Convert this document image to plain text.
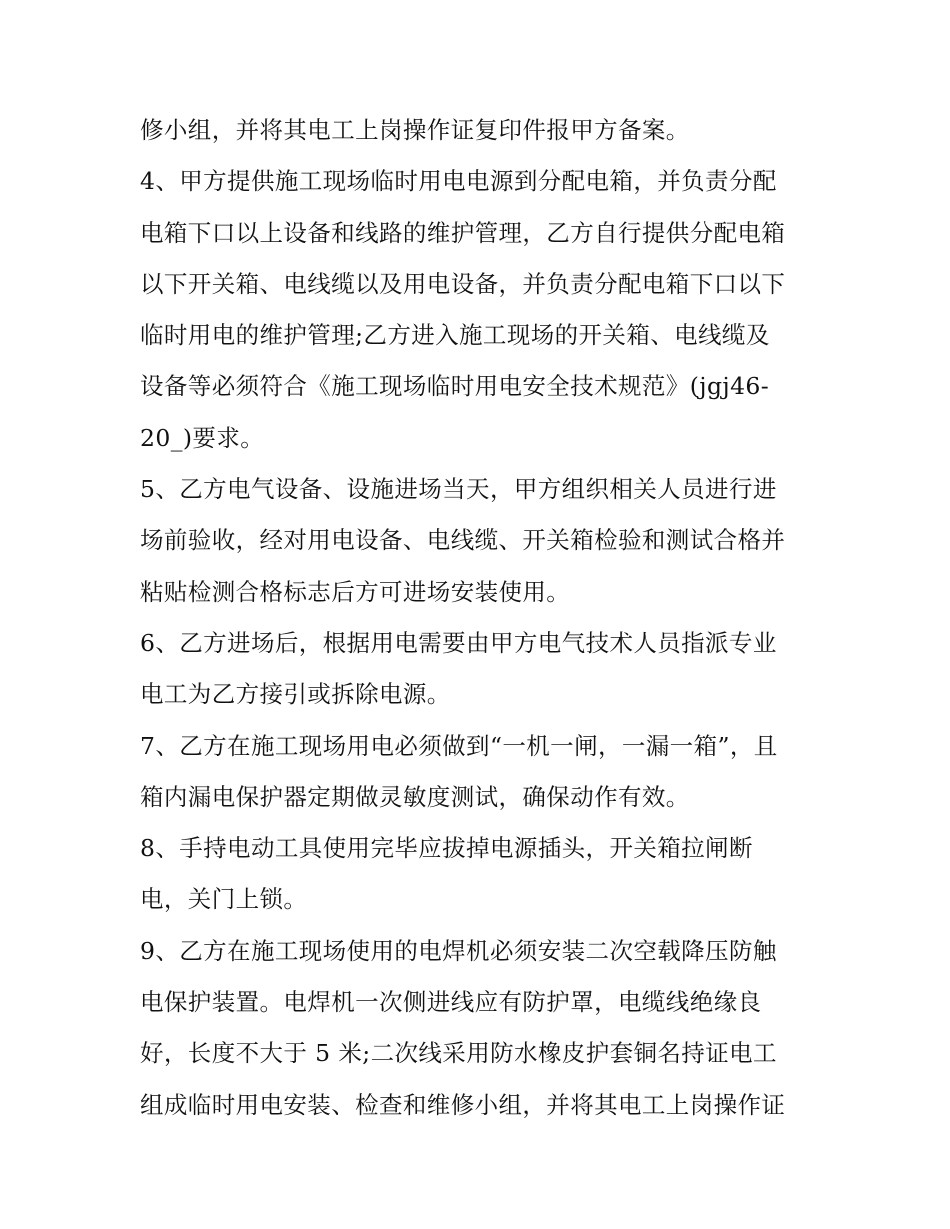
修小组，并将其电工上岗操作证复印件报甲方备案。
4、甲方提供施工现场临时用电电源到分配电箱，并负责分配
电箱下口以上设备和线路的维护管理，乙方自行提供分配电箱
以下开关箱、电线缆以及用电设备，并负责分配电箱下口以下
临时用电的维护管理;乙方进入施工现场的开关箱、电线缆及
设备等必须符合《施工现场临时用电安全技术规范》(jgj46-
20_)要求。
5、乙方电气设备、设施进场当天，甲方组织相关人员进行进
场前验收，经对用电设备、电线缆、开关箱检验和测试合格并
粘贴检测合格标志后方可进场安装使用。
6、乙方进场后，根据用电需要由甲方电气技术人员指派专业
电工为乙方接引或拆除电源。
7、乙方在施工现场用电必须做到“一机一闸，一漏一箱”，且
箱内漏电保护器定期做灵敏度测试，确保动作有效。
8、手持电动工具使用完毕应拔掉电源插头，开关箱拉闸断
电，关门上锁。
9、乙方在施工现场使用的电焊机必须安装二次空载降压防触
电保护装置。电焊机一次侧进线应有防护罩，电缆线绝缘良
好，长度不大于 5 米;二次线采用防水橡皮护套铜名持证电工
组成临时用电安装、检查和维修小组，并将其电工上岗操作证
